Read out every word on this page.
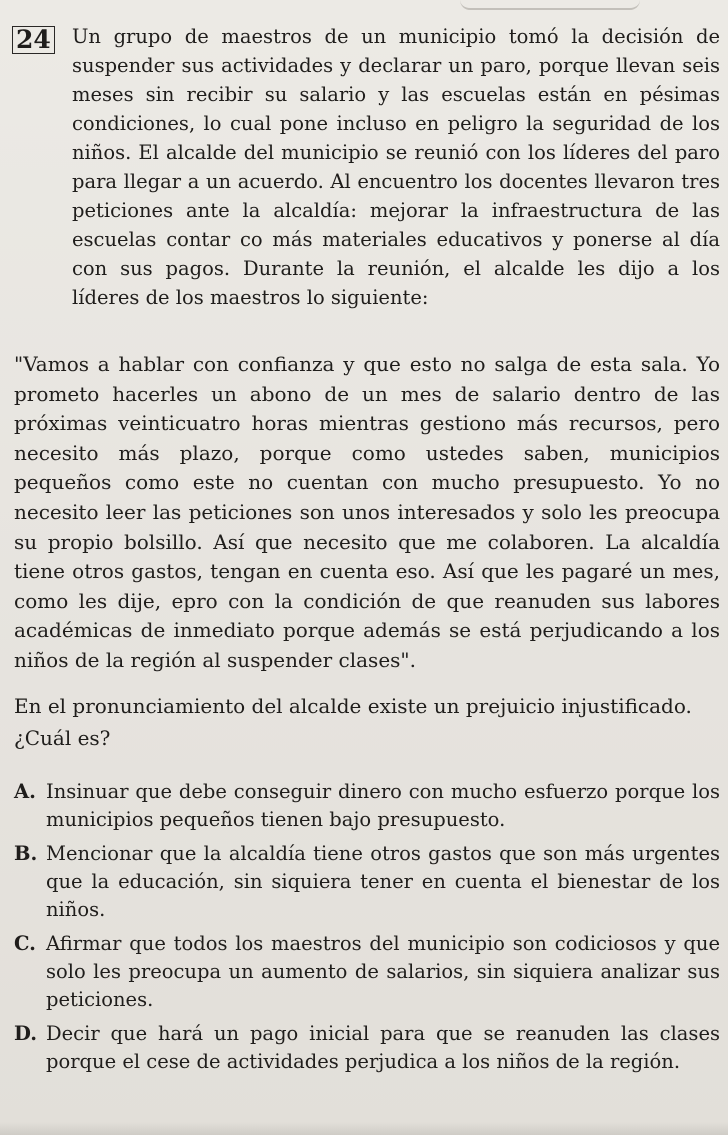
24 Un grupo de maestros de un municipio tomó la decisión de suspender sus actividades y declarar un paro, porque llevan seis meses sin recibir su salario y las escuelas están en pésimas condiciones, lo cual pone incluso en peligro la seguridad de los niños. El alcalde del municipio se reunió con los líderes del paro para llegar a un acuerdo. Al encuentro los docentes llevaron tres peticiones ante la alcaldía: mejorar la infraestructura de las escuelas contar co más materiales educativos y ponerse al día con sus pagos. Durante la reunión, el alcalde les dijo a los líderes de los maestros lo siguiente:

"Vamos a hablar con confianza y que esto no salga de esta sala. Yo prometo hacerles un abono de un mes de salario dentro de las próximas veinticuatro horas mientras gestiono más recursos, pero necesito más plazo, porque como ustedes saben, municipios pequeños como este no cuentan con mucho presupuesto. Yo no necesito leer las peticiones son unos interesados y solo les preocupa su propio bolsillo. Así que necesito que me colaboren. La alcaldía tiene otros gastos, tengan en cuenta eso. Así que les pagaré un mes, como les dije, epro con la condición de que reanuden sus labores académicas de inmediato porque además se está perjudicando a los niños de la región al suspender clases".

En el pronunciamiento del alcalde existe un prejuicio injustificado. ¿Cuál es?

A. Insinuar que debe conseguir dinero con mucho esfuerzo porque los municipios pequeños tienen bajo presupuesto.
B. Mencionar que la alcaldía tiene otros gastos que son más urgentes que la educación, sin siquiera tener en cuenta el bienestar de los niños.
C. Afirmar que todos los maestros del municipio son codiciosos y que solo les preocupa un aumento de salarios, sin siquiera analizar sus peticiones.
D. Decir que hará un pago inicial para que se reanuden las clases porque el cese de actividades perjudica a los niños de la región.
